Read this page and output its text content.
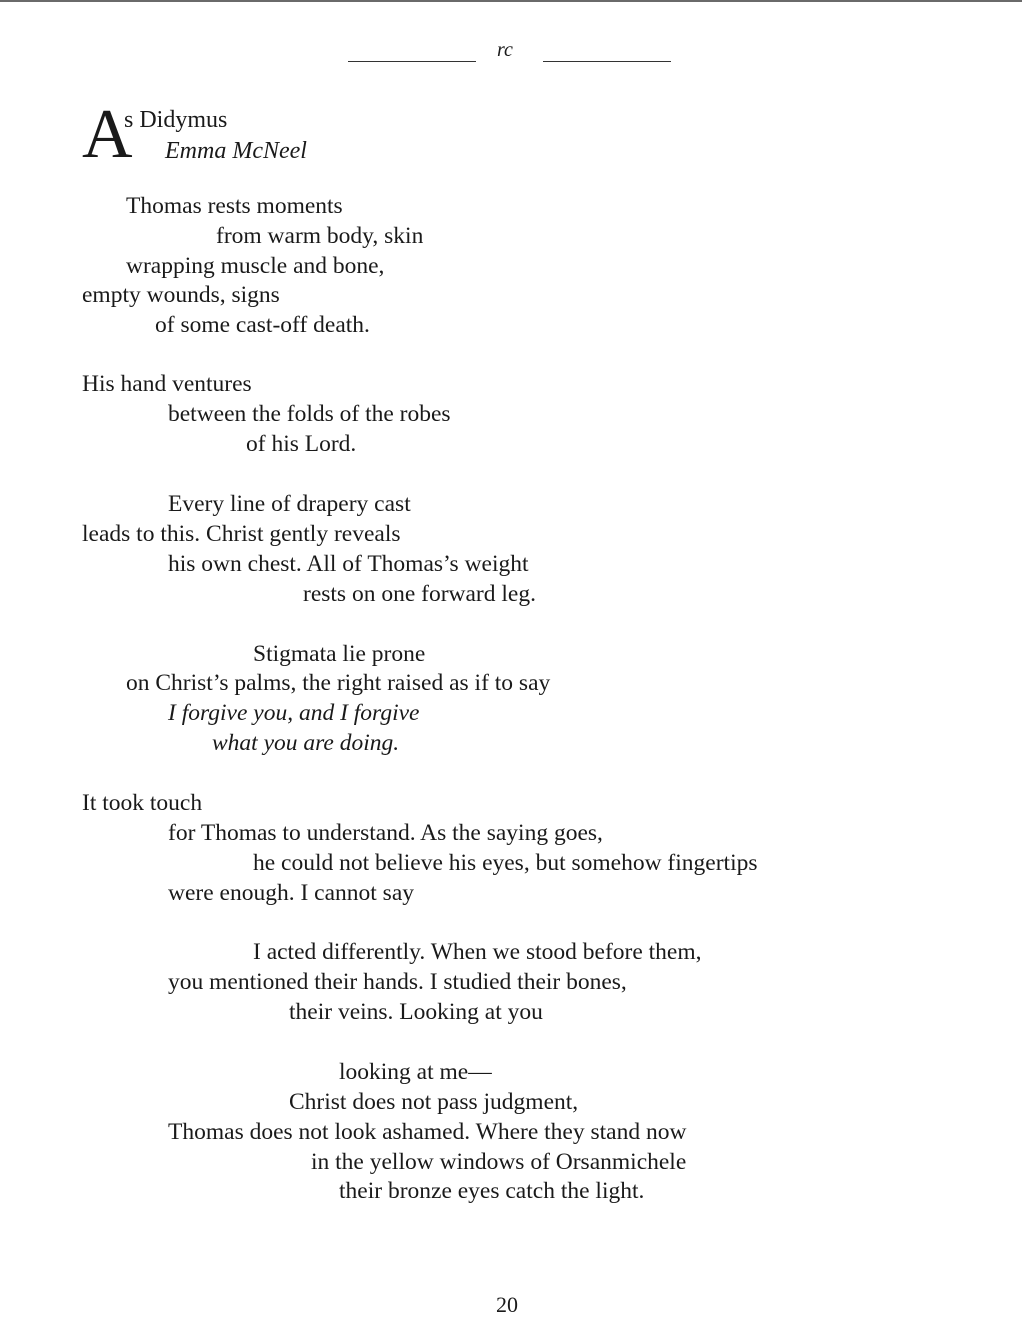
rc
A
s Didymus
Emma McNeel
Thomas rests moments
from warm body, skin
wrapping muscle and bone,
empty wounds, signs
of some cast-off death.
His hand ventures
between the folds of the robes
of his Lord.
Every line of drapery cast
leads to this. Christ gently reveals
his own chest. All of Thomas’s weight
rests on one forward leg.
Stigmata lie prone
on Christ’s palms, the right raised as if to say
I forgive you, and I forgive
what you are doing.
It took touch
for Thomas to understand. As the saying goes,
he could not believe his eyes, but somehow fingertips
were enough. I cannot say
I acted differently. When we stood before them,
you mentioned their hands. I studied their bones,
their veins. Looking at you
looking at me—
Christ does not pass judgment,
Thomas does not look ashamed. Where they stand now
in the yellow windows of Orsanmichele
their bronze eyes catch the light.
20
